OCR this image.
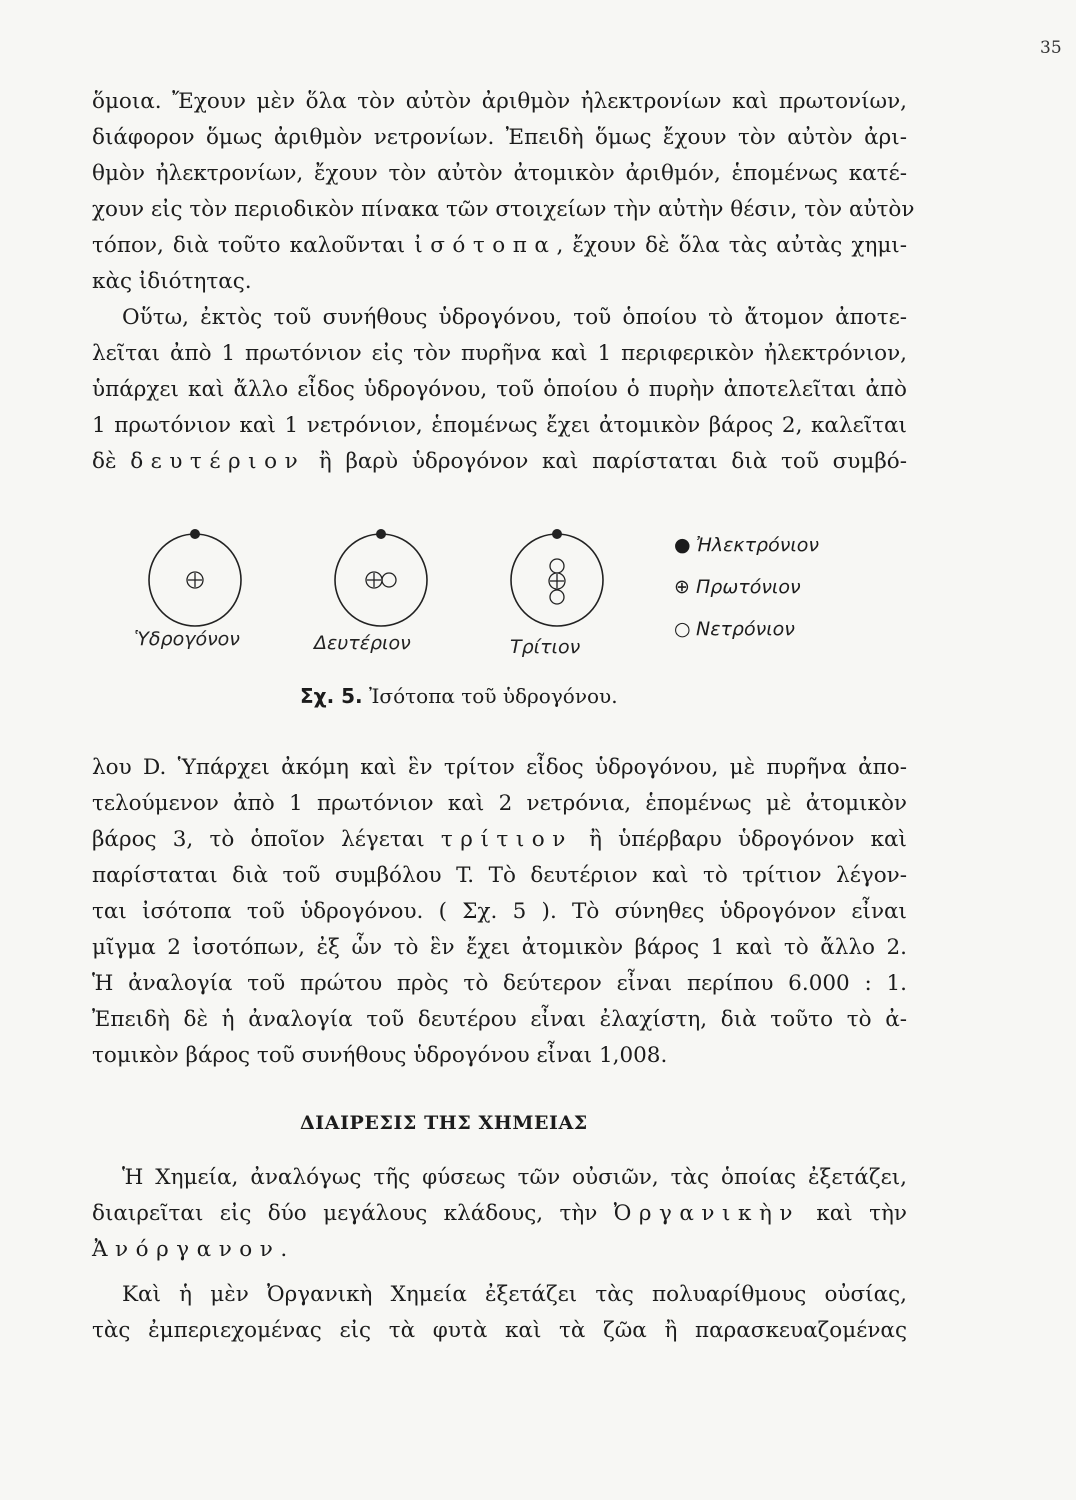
35
ὅμοια. Ἔχουν μὲν ὅλα τὸν αὐτὸν ἀριθμὸν ἠλεκτρονίων καὶ πρωτονίων,
διάφορον ὅμως ἀριθμὸν νετρονίων. Ἐπειδὴ ὅμως ἔχουν τὸν αὐτὸν ἀρι-
θμὸν ἠλεκτρονίων, ἔχουν τὸν αὐτὸν ἀτομικὸν ἀριθμόν, ἑπομένως κατέ-
χουν εἰς τὸν περιοδικὸν πίνακα τῶν στοιχείων τὴν αὐτὴν θέσιν, τὸν αὐτὸν
τόπον, διὰ τοῦτο καλοῦνται ἰσότοπα, ἔχουν δὲ ὅλα τὰς αὐτὰς χημι-
κὰς ἰδιότητας.
Οὕτω, ἐκτὸς τοῦ συνήθους ὑδρογόνου, τοῦ ὁποίου τὸ ἄτομον ἀποτε-
λεῖται ἀπὸ 1 πρωτόνιον εἰς τὸν πυρῆνα καὶ 1 περιφερικὸν ἠλεκτρόνιον,
ὑπάρχει καὶ ἄλλο εἶδος ὑδρογόνου, τοῦ ὁποίου ὁ πυρὴν ἀποτελεῖται ἀπὸ
1 πρωτόνιον καὶ 1 νετρόνιον, ἑπομένως ἔχει ἀτομικὸν βάρος 2, καλεῖται
δὲ δευτέριον ἢ βαρὺ ὑδρογόνον καὶ παρίσταται διὰ τοῦ συμβό-
Ὑδρογόνον	Δευτέριον	Τρίτιον
● Ἠλεκτρόνιον
⊕ Πρωτόνιον
○ Νετρόνιον
Σχ. 5. Ἰσότοπα τοῦ ὑδρογόνου.
λου D. Ὑπάρχει ἀκόμη καὶ ἓν τρίτον εἶδος ὑδρογόνου, μὲ πυρῆνα ἀπο-
τελούμενον ἀπὸ 1 πρωτόνιον καὶ 2 νετρόνια, ἑπομένως μὲ ἀτομικὸν
βάρος 3, τὸ ὁποῖον λέγεται τρίτιον ἢ ὑπέρβαρυ ὑδρογόνον καὶ
παρίσταται διὰ τοῦ συμβόλου T. Τὸ δευτέριον καὶ τὸ τρίτιον λέγον-
ται ἰσότοπα τοῦ ὑδρογόνου. ( Σχ. 5 ). Τὸ σύνηθες ὑδρογόνον εἶναι
μῖγμα 2 ἰσοτόπων, ἐξ ὧν τὸ ἓν ἔχει ἀτομικὸν βάρος 1 καὶ τὸ ἄλλο 2.
Ἡ ἀναλογία τοῦ πρώτου πρὸς τὸ δεύτερον εἶναι περίπου 6.000 : 1.
Ἐπειδὴ δὲ ἡ ἀναλογία τοῦ δευτέρου εἶναι ἐλαχίστη, διὰ τοῦτο τὸ ἀ-
τομικὸν βάρος τοῦ συνήθους ὑδρογόνου εἶναι 1,008.
ΔΙΑΙΡΕΣΙΣ ΤΗΣ ΧΗΜΕΙΑΣ
Ἡ Χημεία, ἀναλόγως τῆς φύσεως τῶν οὐσιῶν, τὰς ὁποίας ἐξετάζει,
διαιρεῖται εἰς δύο μεγάλους κλάδους, τὴν Ὀργανικὴν καὶ τὴν
Ἀνόργανον.
Καὶ ἡ μὲν Ὀργανικὴ Χημεία ἐξετάζει τὰς πολυαρίθμους οὐσίας,
τὰς ἐμπεριεχομένας εἰς τὰ φυτὰ καὶ τὰ ζῶα ἢ παρασκευαζομένας
